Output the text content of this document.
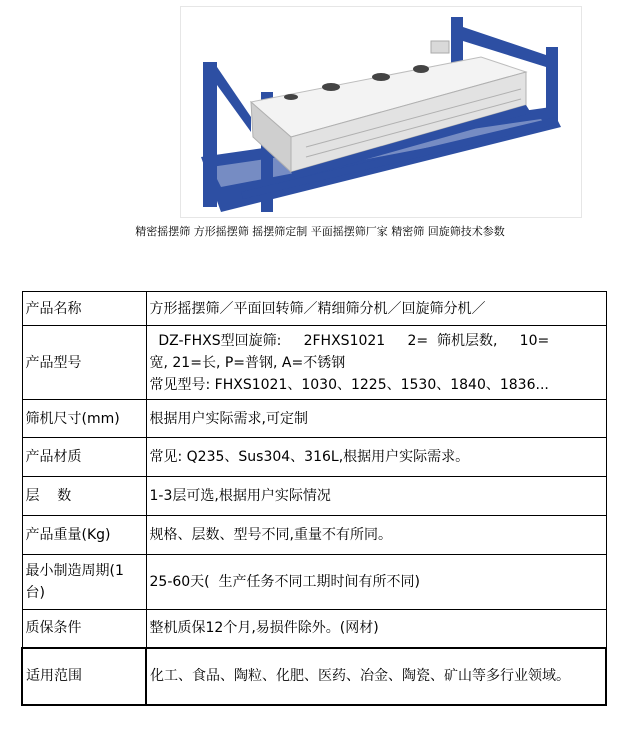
精密摇摆筛 方形摇摆筛 摇摆筛定制 平面摇摆筛厂家 精密筛 回旋筛技术参数
产品名称	方形摇摆筛／平面回转筛／精细筛分机／回旋筛分机／
产品型号	DZ-FHXS型回旋筛:     2FHXS1021     2=  筛机层数,     10=
宽, 21=长, P=普钢, A=不锈钢
常见型号: FHXS1021、1030、1225、1530、1840、1836...

筛机尺寸(mm)	根据用户实际需求,可定制
产品材质	常见: Q235、Sus304、316L,根据用户实际需求。
层    数	1-3层可选,根据用户实际情况
产品重量(Kg)	规格、层数、型号不同,重量不有所同。
最小制造周期(1台)	25-60天(  生产任务不同工期时间有所不同)
质保条件	整机质保12个月,易损件除外。(网材)
适用范围	化工、食品、陶粒、化肥、医药、冶金、陶瓷、矿山等多行业领域。
